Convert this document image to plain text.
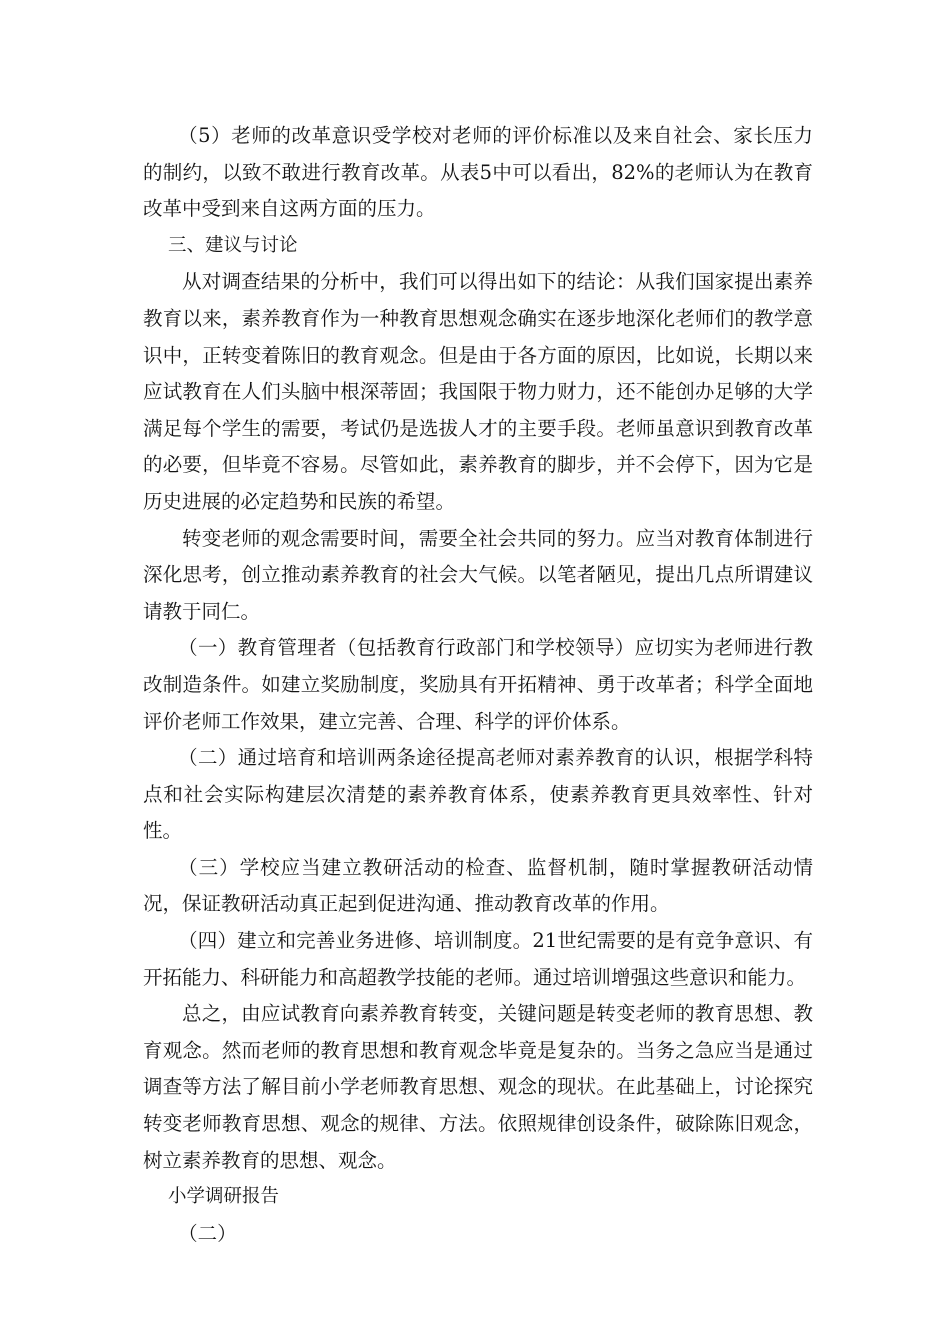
（5）老师的改革意识受学校对老师的评价标准以及来自社会、家长压力的制约，以致不敢进行教育改革。从表5中可以看出，82%的老师认为在教育改革中受到来自这两方面的压力。

三、建议与讨论

从对调查结果的分析中，我们可以得出如下的结论：从我们国家提出素养教育以来，素养教育作为一种教育思想观念确实在逐步地深化老师们的教学意识中，正转变着陈旧的教育观念。但是由于各方面的原因，比如说，长期以来应试教育在人们头脑中根深蒂固；我国限于物力财力，还不能创办足够的大学满足每个学生的需要，考试仍是选拔人才的主要手段。老师虽意识到教育改革的必要，但毕竟不容易。尽管如此，素养教育的脚步，并不会停下，因为它是历史进展的必定趋势和民族的希望。

转变老师的观念需要时间，需要全社会共同的努力。应当对教育体制进行深化思考，创立推动素养教育的社会大气候。以笔者陋见，提出几点所谓建议请教于同仁。

（一）教育管理者（包括教育行政部门和学校领导）应切实为老师进行教改制造条件。如建立奖励制度，奖励具有开拓精神、勇于改革者；科学全面地评价老师工作效果，建立完善、合理、科学的评价体系。

（二）通过培育和培训两条途径提高老师对素养教育的认识，根据学科特点和社会实际构建层次清楚的素养教育体系，使素养教育更具效率性、针对性。

（三）学校应当建立教研活动的检查、监督机制，随时掌握教研活动情况，保证教研活动真正起到促进沟通、推动教育改革的作用。

（四）建立和完善业务进修、培训制度。21世纪需要的是有竞争意识、有开拓能力、科研能力和高超教学技能的老师。通过培训增强这些意识和能力。

总之，由应试教育向素养教育转变，关键问题是转变老师的教育思想、教育观念。然而老师的教育思想和教育观念毕竟是复杂的。当务之急应当是通过调查等方法了解目前小学老师教育思想、观念的现状。在此基础上，讨论探究转变老师教育思想、观念的规律、方法。依照规律创设条件，破除陈旧观念，树立素养教育的思想、观念。

小学调研报告

（二）
